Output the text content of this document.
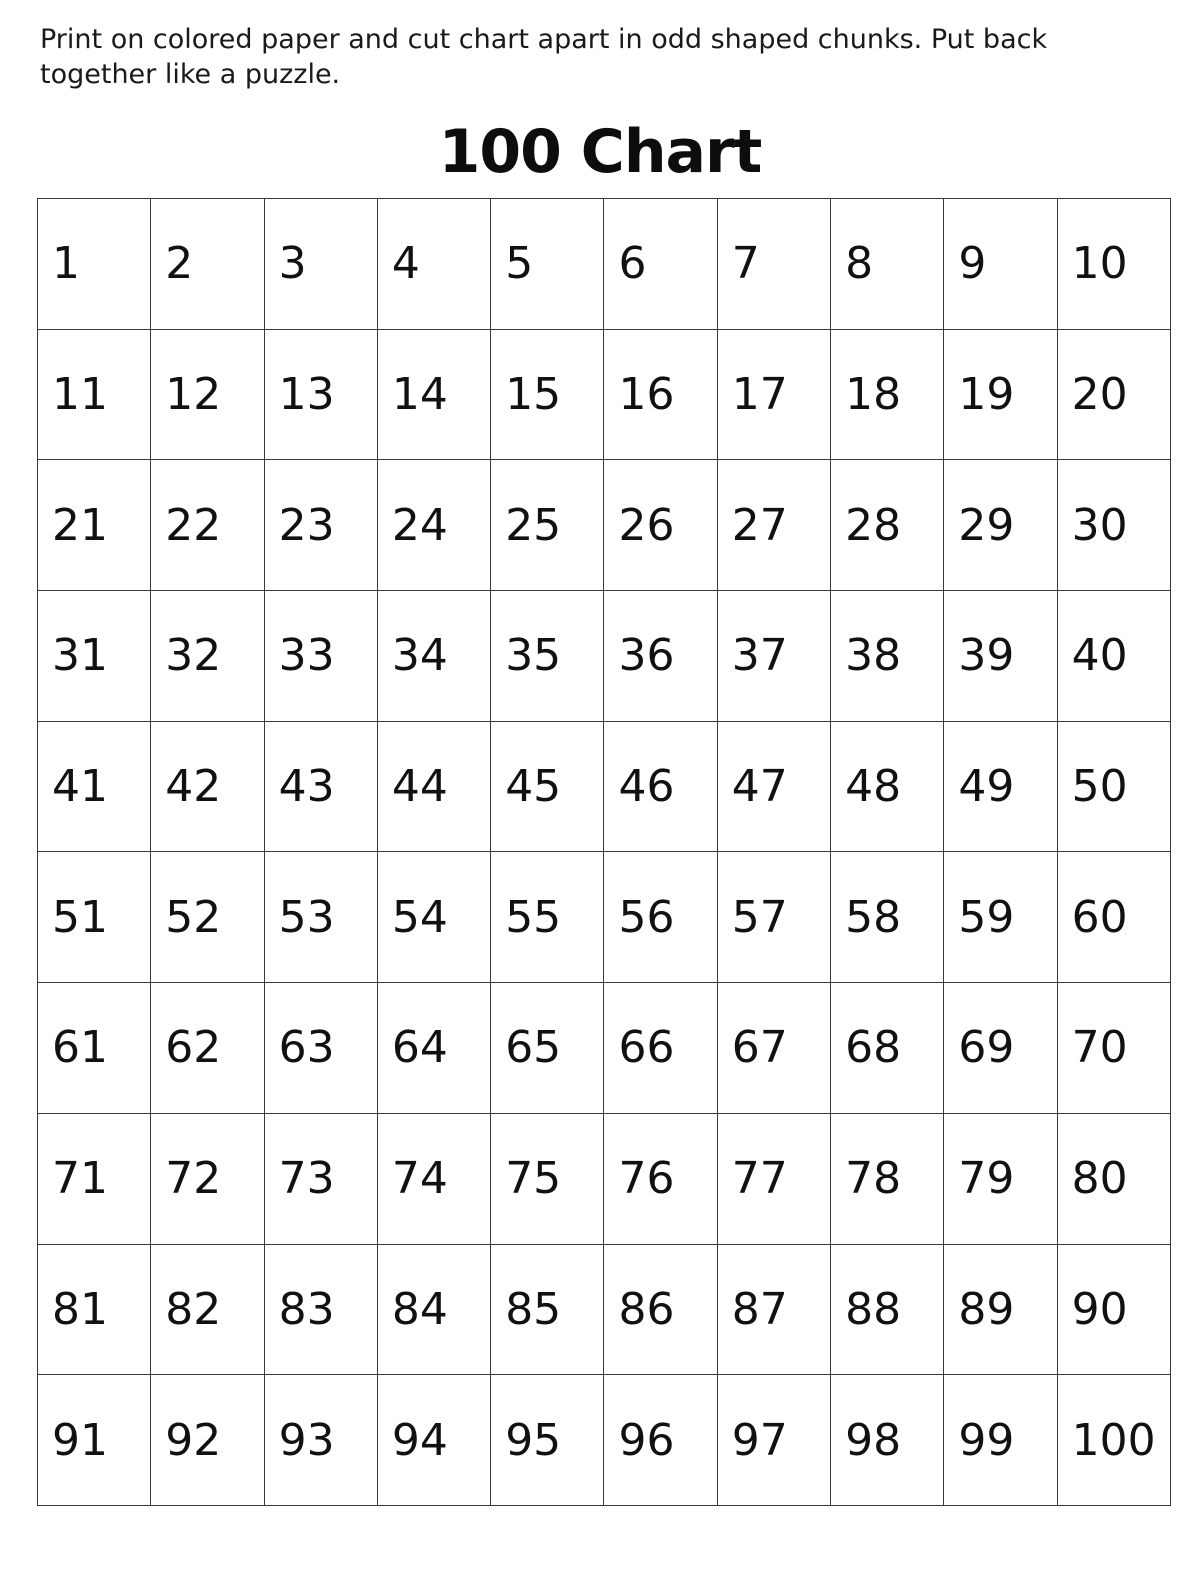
Print on colored paper and cut chart apart in odd shaped chunks. Put back together like a puzzle.

100 Chart
1	2	3	4	5	6	7	8	9	10
11	12	13	14	15	16	17	18	19	20
21	22	23	24	25	26	27	28	29	30
31	32	33	34	35	36	37	38	39	40
41	42	43	44	45	46	47	48	49	50
51	52	53	54	55	56	57	58	59	60
61	62	63	64	65	66	67	68	69	70
71	72	73	74	75	76	77	78	79	80
81	82	83	84	85	86	87	88	89	90
91	92	93	94	95	96	97	98	99	100
